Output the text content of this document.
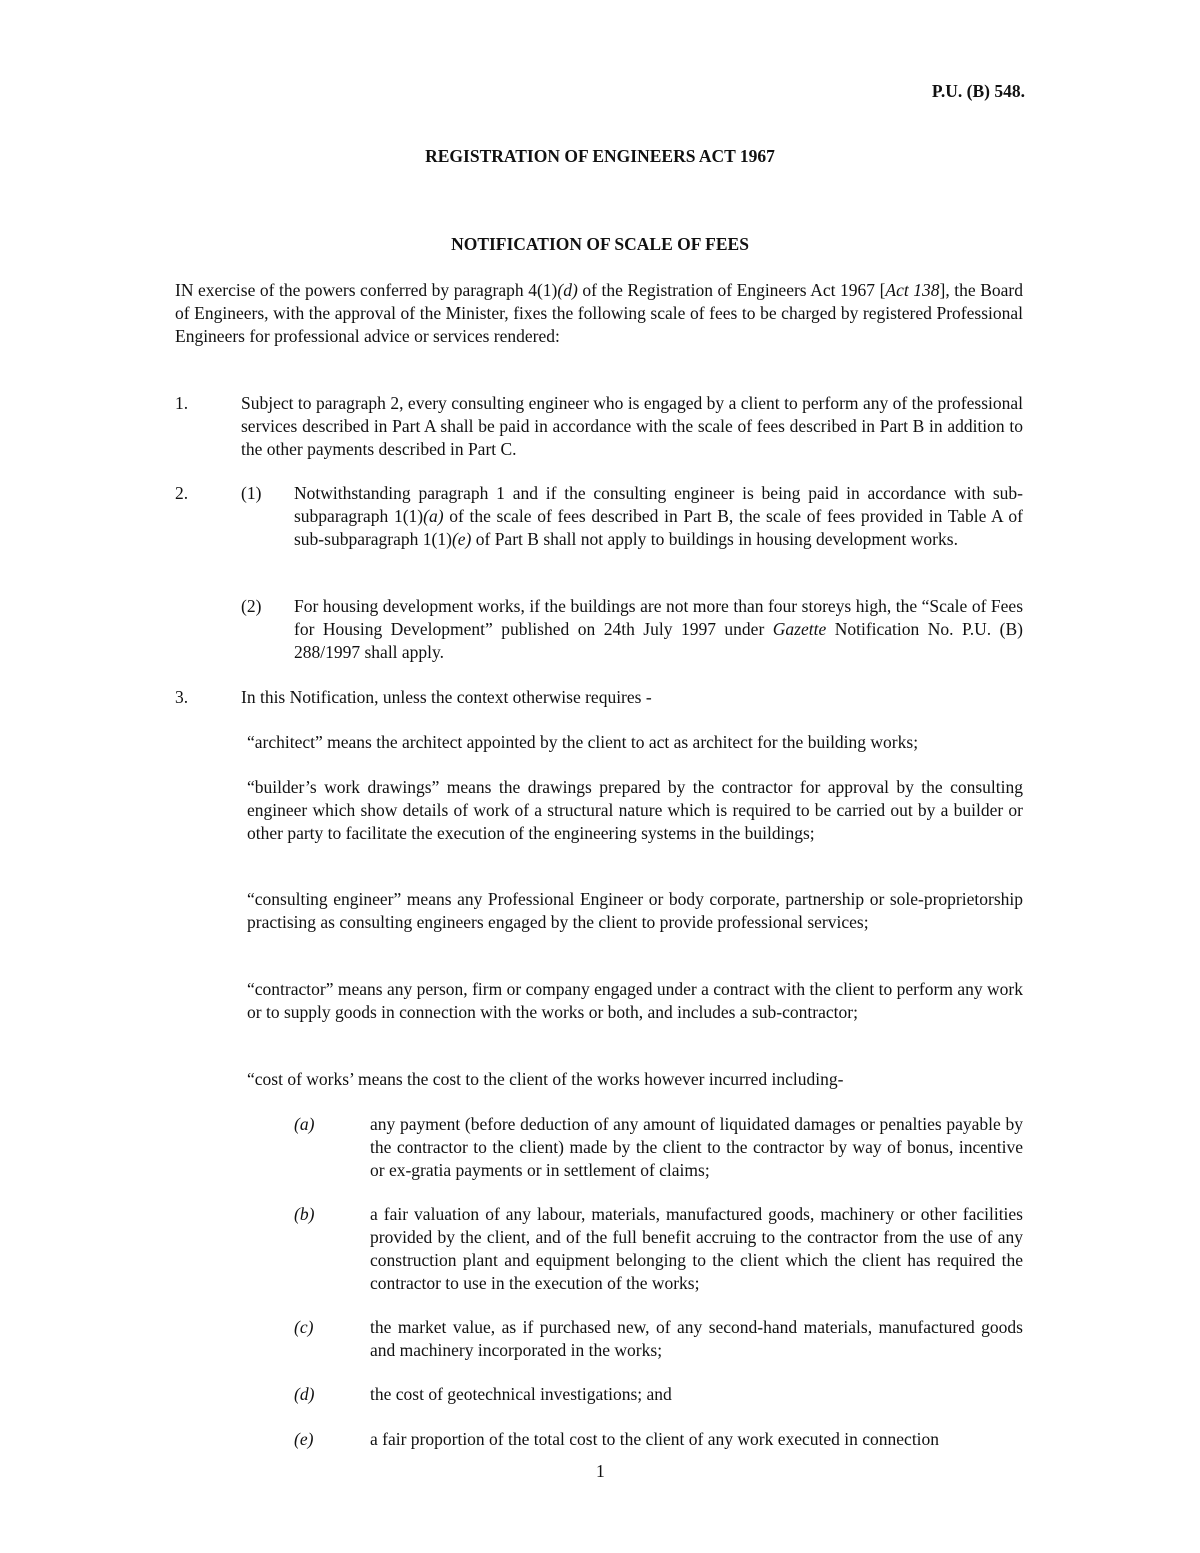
P.U. (B) 548.
REGISTRATION OF ENGINEERS ACT 1967
NOTIFICATION OF SCALE OF FEES
IN exercise of the powers conferred by paragraph 4(1)(d) of the Registration of Engineers Act 1967 [Act 138], the Board of Engineers, with the approval of the Minister, fixes the following scale of fees to be charged by registered Professional Engineers for professional advice or services rendered:
1.	Subject to paragraph 2, every consulting engineer who is engaged by a client to perform any of the professional services described in Part A shall be paid in accordance with the scale of fees described in Part B in addition to the other payments described in Part C.
2.	(1) Notwithstanding paragraph 1 and if the consulting engineer is being paid in accordance with sub-subparagraph 1(1)(a) of the scale of fees described in Part B, the scale of fees provided in Table A of sub-subparagraph 1(1)(e) of Part B shall not apply to buildings in housing development works.
(2) For housing development works, if the buildings are not more than four storeys high, the “Scale of Fees for Housing Development” published on 24th July 1997 under Gazette Notification No. P.U. (B) 288/1997 shall apply.
3.	In this Notification, unless the context otherwise requires -
“architect” means the architect appointed by the client to act as architect for the building works;
“builder’s work drawings” means the drawings prepared by the contractor for approval by the consulting engineer which show details of work of a structural nature which is required to be carried out by a builder or other party to facilitate the execution of the engineering systems in the buildings;
“consulting engineer” means any Professional Engineer or body corporate, partnership or sole-proprietorship practising as consulting engineers engaged by the client to provide professional services;
“contractor” means any person, firm or company engaged under a contract with the client to perform any work or to supply goods in connection with the works or both, and includes a sub-contractor;
“cost of works’ means the cost to the client of the works however incurred including-
(a)	any payment (before deduction of any amount of liquidated damages or penalties payable by the contractor to the client) made by the client to the contractor by way of bonus, incentive or ex-gratia payments or in settlement of claims;
(b)	a fair valuation of any labour, materials, manufactured goods, machinery or other facilities provided by the client, and of the full benefit accruing to the contractor from the use of any construction plant and equipment belonging to the client which the client has required the contractor to use in the execution of the works;
(c)	the market value, as if purchased new, of any second-hand materials, manufactured goods and machinery incorporated in the works;
(d)	the cost of geotechnical investigations; and
(e)	a fair proportion of the total cost to the client of any work executed in connection
1
